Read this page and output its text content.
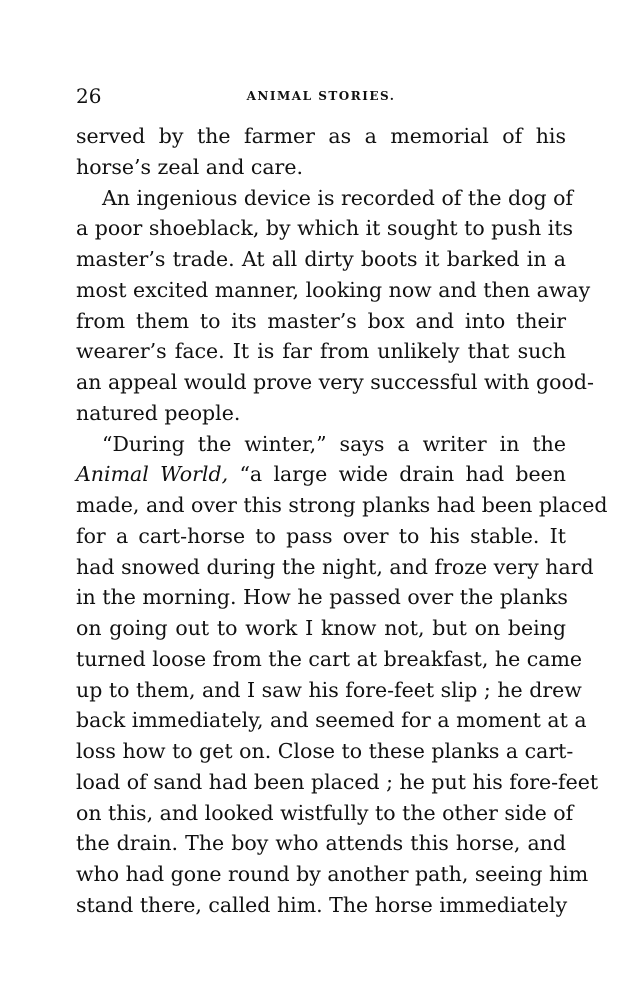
26	ANIMAL STORIES.
served by the farmer as a memorial of his
horse’s zeal and care.
An ingenious device is recorded of the dog of
a poor shoeblack, by which it sought to push its
master’s trade. At all dirty boots it barked in a
most excited manner, looking now and then away
from them to its master’s box and into their
wearer’s face. It is far from unlikely that such
an appeal would prove very successful with good-
natured people.
“During the winter,” says a writer in the
Animal World, “a large wide drain had been
made, and over this strong planks had been placed
for a cart-horse to pass over to his stable. It
had snowed during the night, and froze very hard
in the morning. How he passed over the planks
on going out to work I know not, but on being
turned loose from the cart at breakfast, he came
up to them, and I saw his fore-feet slip ; he drew
back immediately, and seemed for a moment at a
loss how to get on. Close to these planks a cart-
load of sand had been placed ; he put his fore-feet
on this, and looked wistfully to the other side of
the drain. The boy who attends this horse, and
who had gone round by another path, seeing him
stand there, called him. The horse immediately
